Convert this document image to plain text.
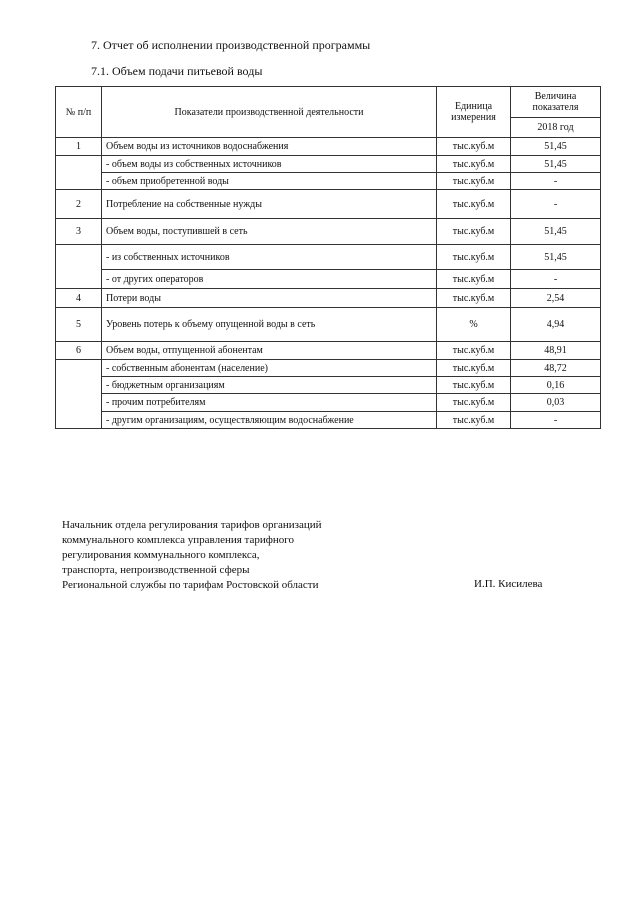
7. Отчет об исполнении производственной программы
7.1. Объем подачи питьевой воды
№ п/п	Показатели производственной деятельности	Единица измерения	Величина показателя
			2018 год
1	Объем воды из источников водоснабжения	тыс.куб.м	51,45
	- объем воды из собственных источников	тыс.куб.м	51,45
	- объем приобретенной воды	тыс.куб.м	-
2	Потребление на собственные нужды	тыс.куб.м	-
3	Объем воды, поступившей в сеть	тыс.куб.м	51,45
	- из собственных источников	тыс.куб.м	51,45
	- от других операторов	тыс.куб.м	-
4	Потери воды	тыс.куб.м	2,54
5	Уровень потерь к объему опущенной воды в сеть	%	4,94
6	Объем воды, отпущенной абонентам	тыс.куб.м	48,91
	- собственным абонентам (население)	тыс.куб.м	48,72
	- бюджетным организациям	тыс.куб.м	0,16
	- прочим потребителям	тыс.куб.м	0,03
	- другим организациям, осуществляющим водоснабжение	тыс.куб.м	-
Начальник отдела регулирования тарифов организаций
коммунального комплекса управления тарифного
регулирования коммунального комплекса,
транспорта, непроизводственной сферы
Региональной службы по тарифам Ростовской области	И.П. Кисилева
